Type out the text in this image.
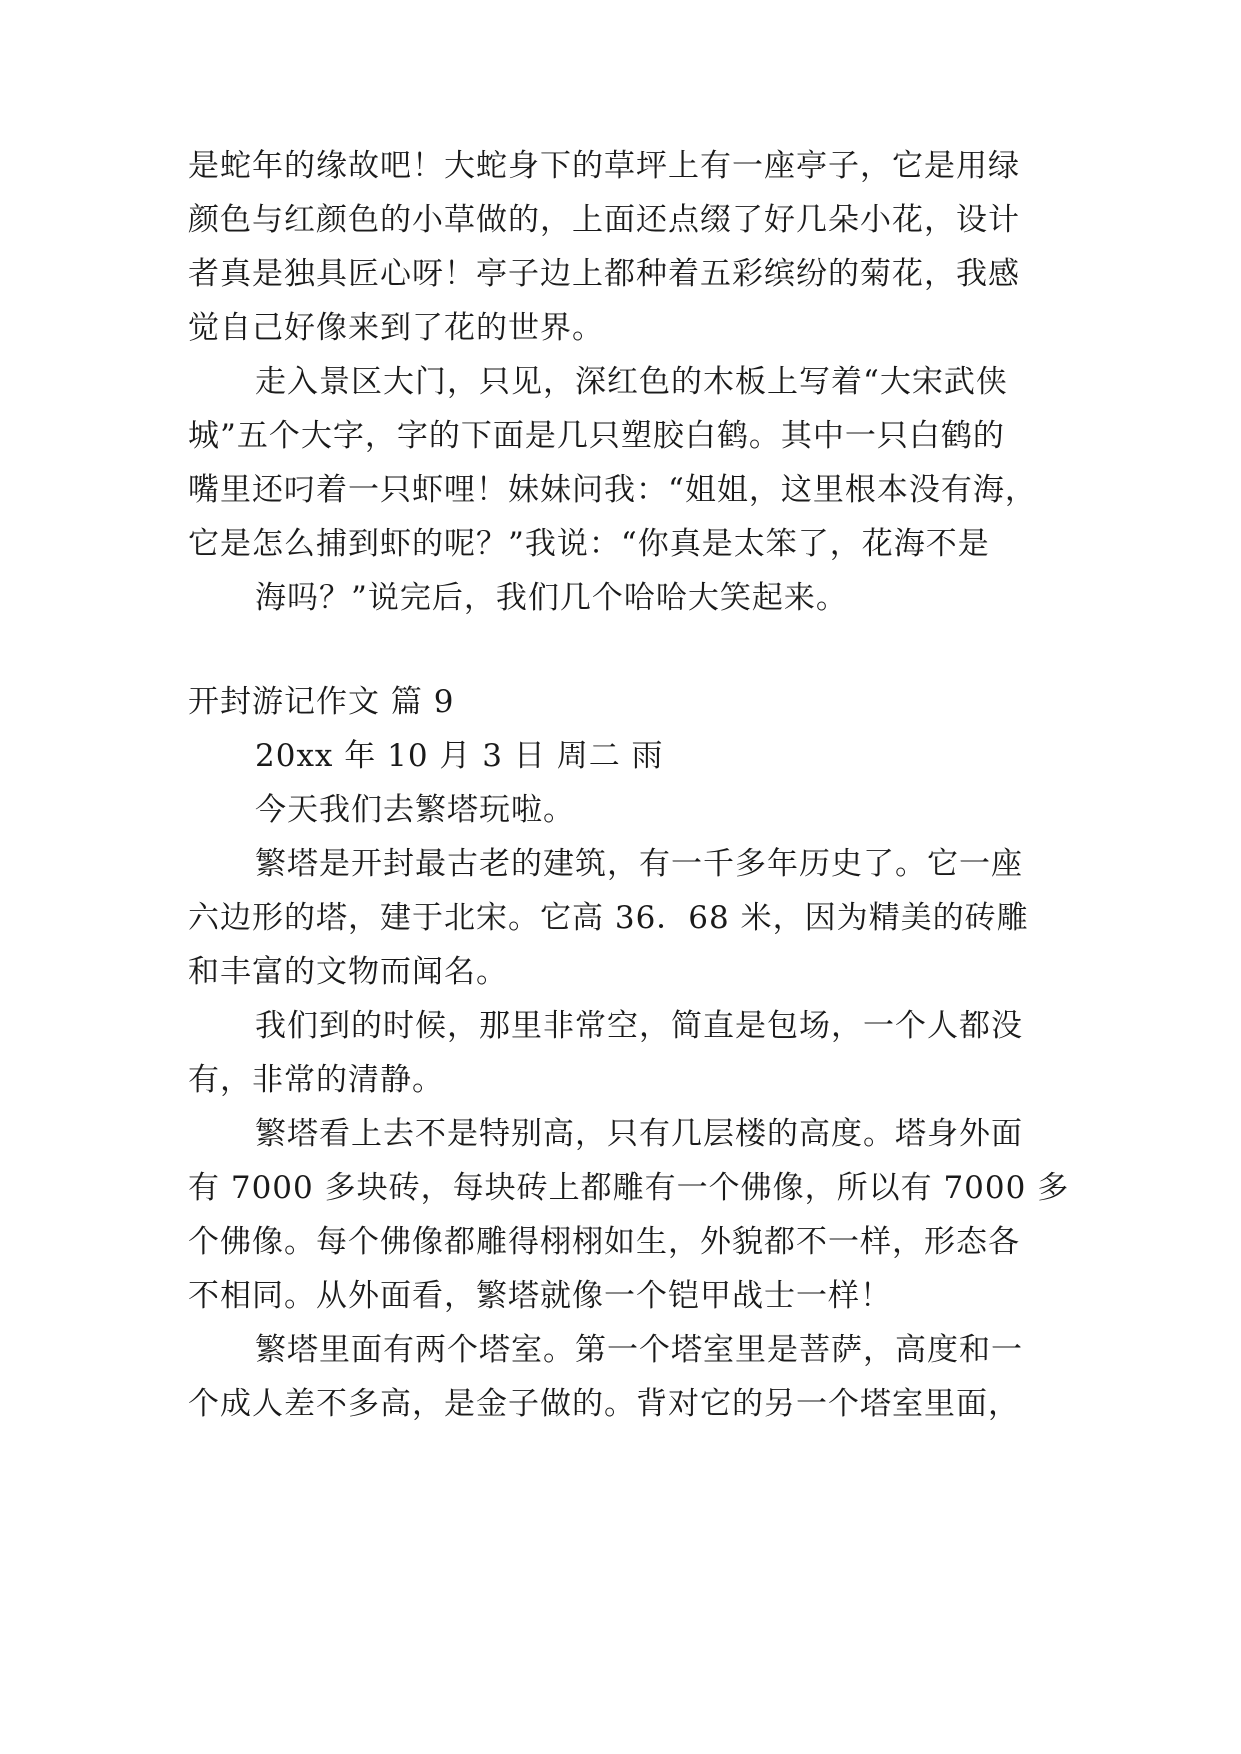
是蛇年的缘故吧！大蛇身下的草坪上有一座亭子，它是用绿
颜色与红颜色的小草做的，上面还点缀了好几朵小花，设计
者真是独具匠心呀！亭子边上都种着五彩缤纷的菊花，我感
觉自己好像来到了花的世界。
走入景区大门，只见，深红色的木板上写着“大宋武侠
城”五个大字，字的下面是几只塑胶白鹤。其中一只白鹤的
嘴里还叼着一只虾哩！妹妹问我：“姐姐，这里根本没有海，
它是怎么捕到虾的呢？”我说：“你真是太笨了，花海不是
海吗？”说完后，我们几个哈哈大笑起来。
开封游记作文 篇 9
20xx 年 10 月 3 日 周二 雨
今天我们去繁塔玩啦。
繁塔是开封最古老的建筑，有一千多年历史了。它一座
六边形的塔，建于北宋。它高 36．68 米，因为精美的砖雕
和丰富的文物而闻名。
我们到的时候，那里非常空，简直是包场，一个人都没
有，非常的清静。
繁塔看上去不是特别高，只有几层楼的高度。塔身外面
有 7000 多块砖，每块砖上都雕有一个佛像，所以有 7000 多
个佛像。每个佛像都雕得栩栩如生，外貌都不一样，形态各
不相同。从外面看，繁塔就像一个铠甲战士一样！
繁塔里面有两个塔室。第一个塔室里是菩萨，高度和一
个成人差不多高，是金子做的。背对它的另一个塔室里面，
